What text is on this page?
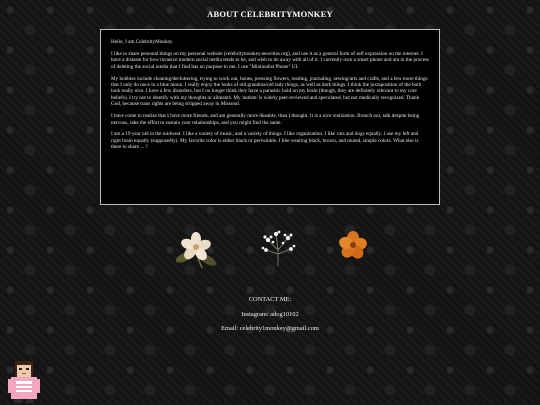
ABOUT CELEBRITYMONKEY

Hello, I am CelebrityMonkey.

I like to share personal things on my personal website (celebritymonkey.neocities.org), and use it as a general form of self expression on the internet. I have a distaste for how invasive modern social media tends to be, and wish to do away with all of it. I currently own a smart phone and am in the process of deleting the social media that I find has no purpose to me. I use "Minimalist Phone" UI.

My hobbies include cleaning/decluttering, trying to work out, bones, pressing flowers, reading, journaling, sewing/arts and crafts, and a few more things that I only do once in a blue moon. I really enjoy the looks of old grandma/old lady things, as well as dark things. I think the juxtaposition of the both look really nice. I have a few disorders, but I no longer think they have a parasitic hold on my brain (though, they are definitely relevant to my core beliefs). I try not to identify with my thoughts or ailments. My 'autism' is widely peer-reviewed and speculated, but not medically recognized. Thank God, because trans rights are being stripped away in Missouri.

I have come to realize that I have more friends, and am generally more likeable, than I thought. It is a nice realization. Branch out, talk despite being nervous, take the effort to sustain your relationships, and you might find the same.

I am a 19 year old in the midwest. I like a variety of music, and a variety of things. I like organization. I like cats and dogs equally. I use my left and right brain equally (supposedly). My favorite color is either black or periwinkle. I like wearing black, brown, and muted, simple colors. What else is there to share ... ?

CONTACT ME:
Instagram: adog10102
Email: celebrity1monkey@gmail.com
